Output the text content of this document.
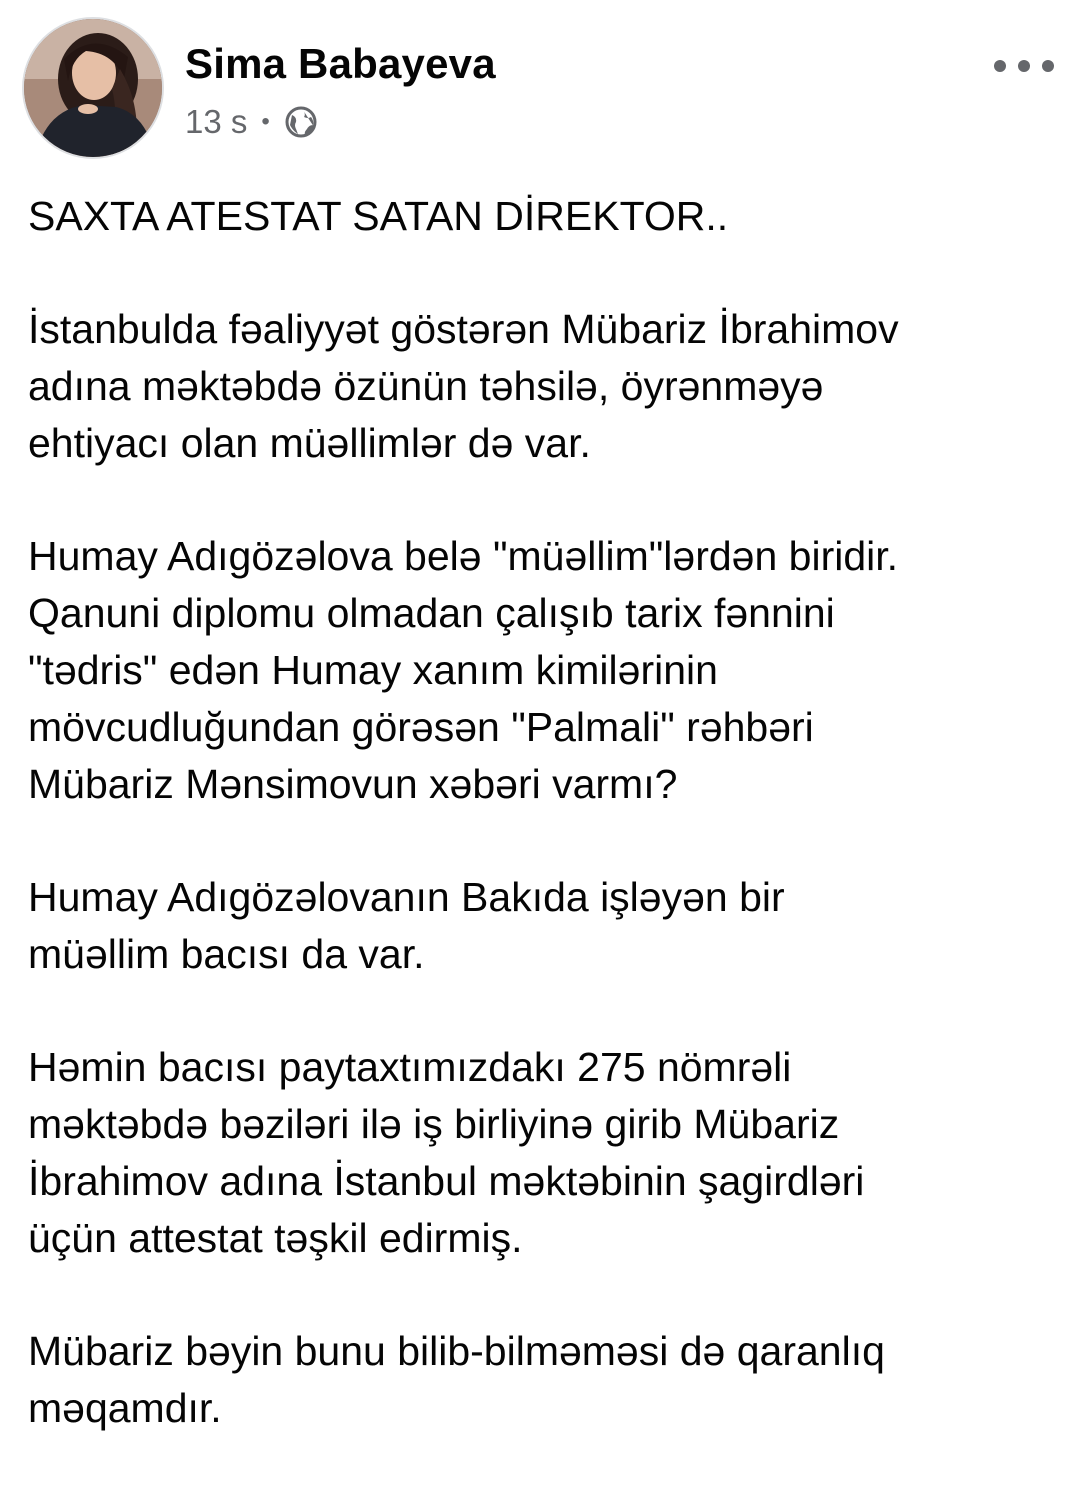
Sima Babayeva
13 s •

SAXTA ATESTAT SATAN DİREKTOR..

İstanbulda fəaliyyət göstərən Mübariz İbrahimov
adına məktəbdə özünün təhsilə, öyrənməyə
ehtiyacı olan müəllimlər də var.

Humay Adıgözəlova belə "müəllim"lərdən biridir.
Qanuni diplomu olmadan çalışıb tarix fənnini
"tədris" edən Humay xanım kimilərinin
mövcudluğundan görəsən "Palmali" rəhbəri
Mübariz Mənsimovun xəbəri varmı?

Humay Adıgözəlovanın Bakıda işləyən bir
müəllim bacısı da var.

Həmin bacısı paytaxtımızdakı 275 nömrəli
məktəbdə bəziləri ilə iş birliyinə girib Mübariz
İbrahimov adına İstanbul məktəbinin şagirdləri
üçün attestat təşkil edirmiş.

Mübariz bəyin bunu bilib-bilməməsi də qaranlıq
məqamdır.
